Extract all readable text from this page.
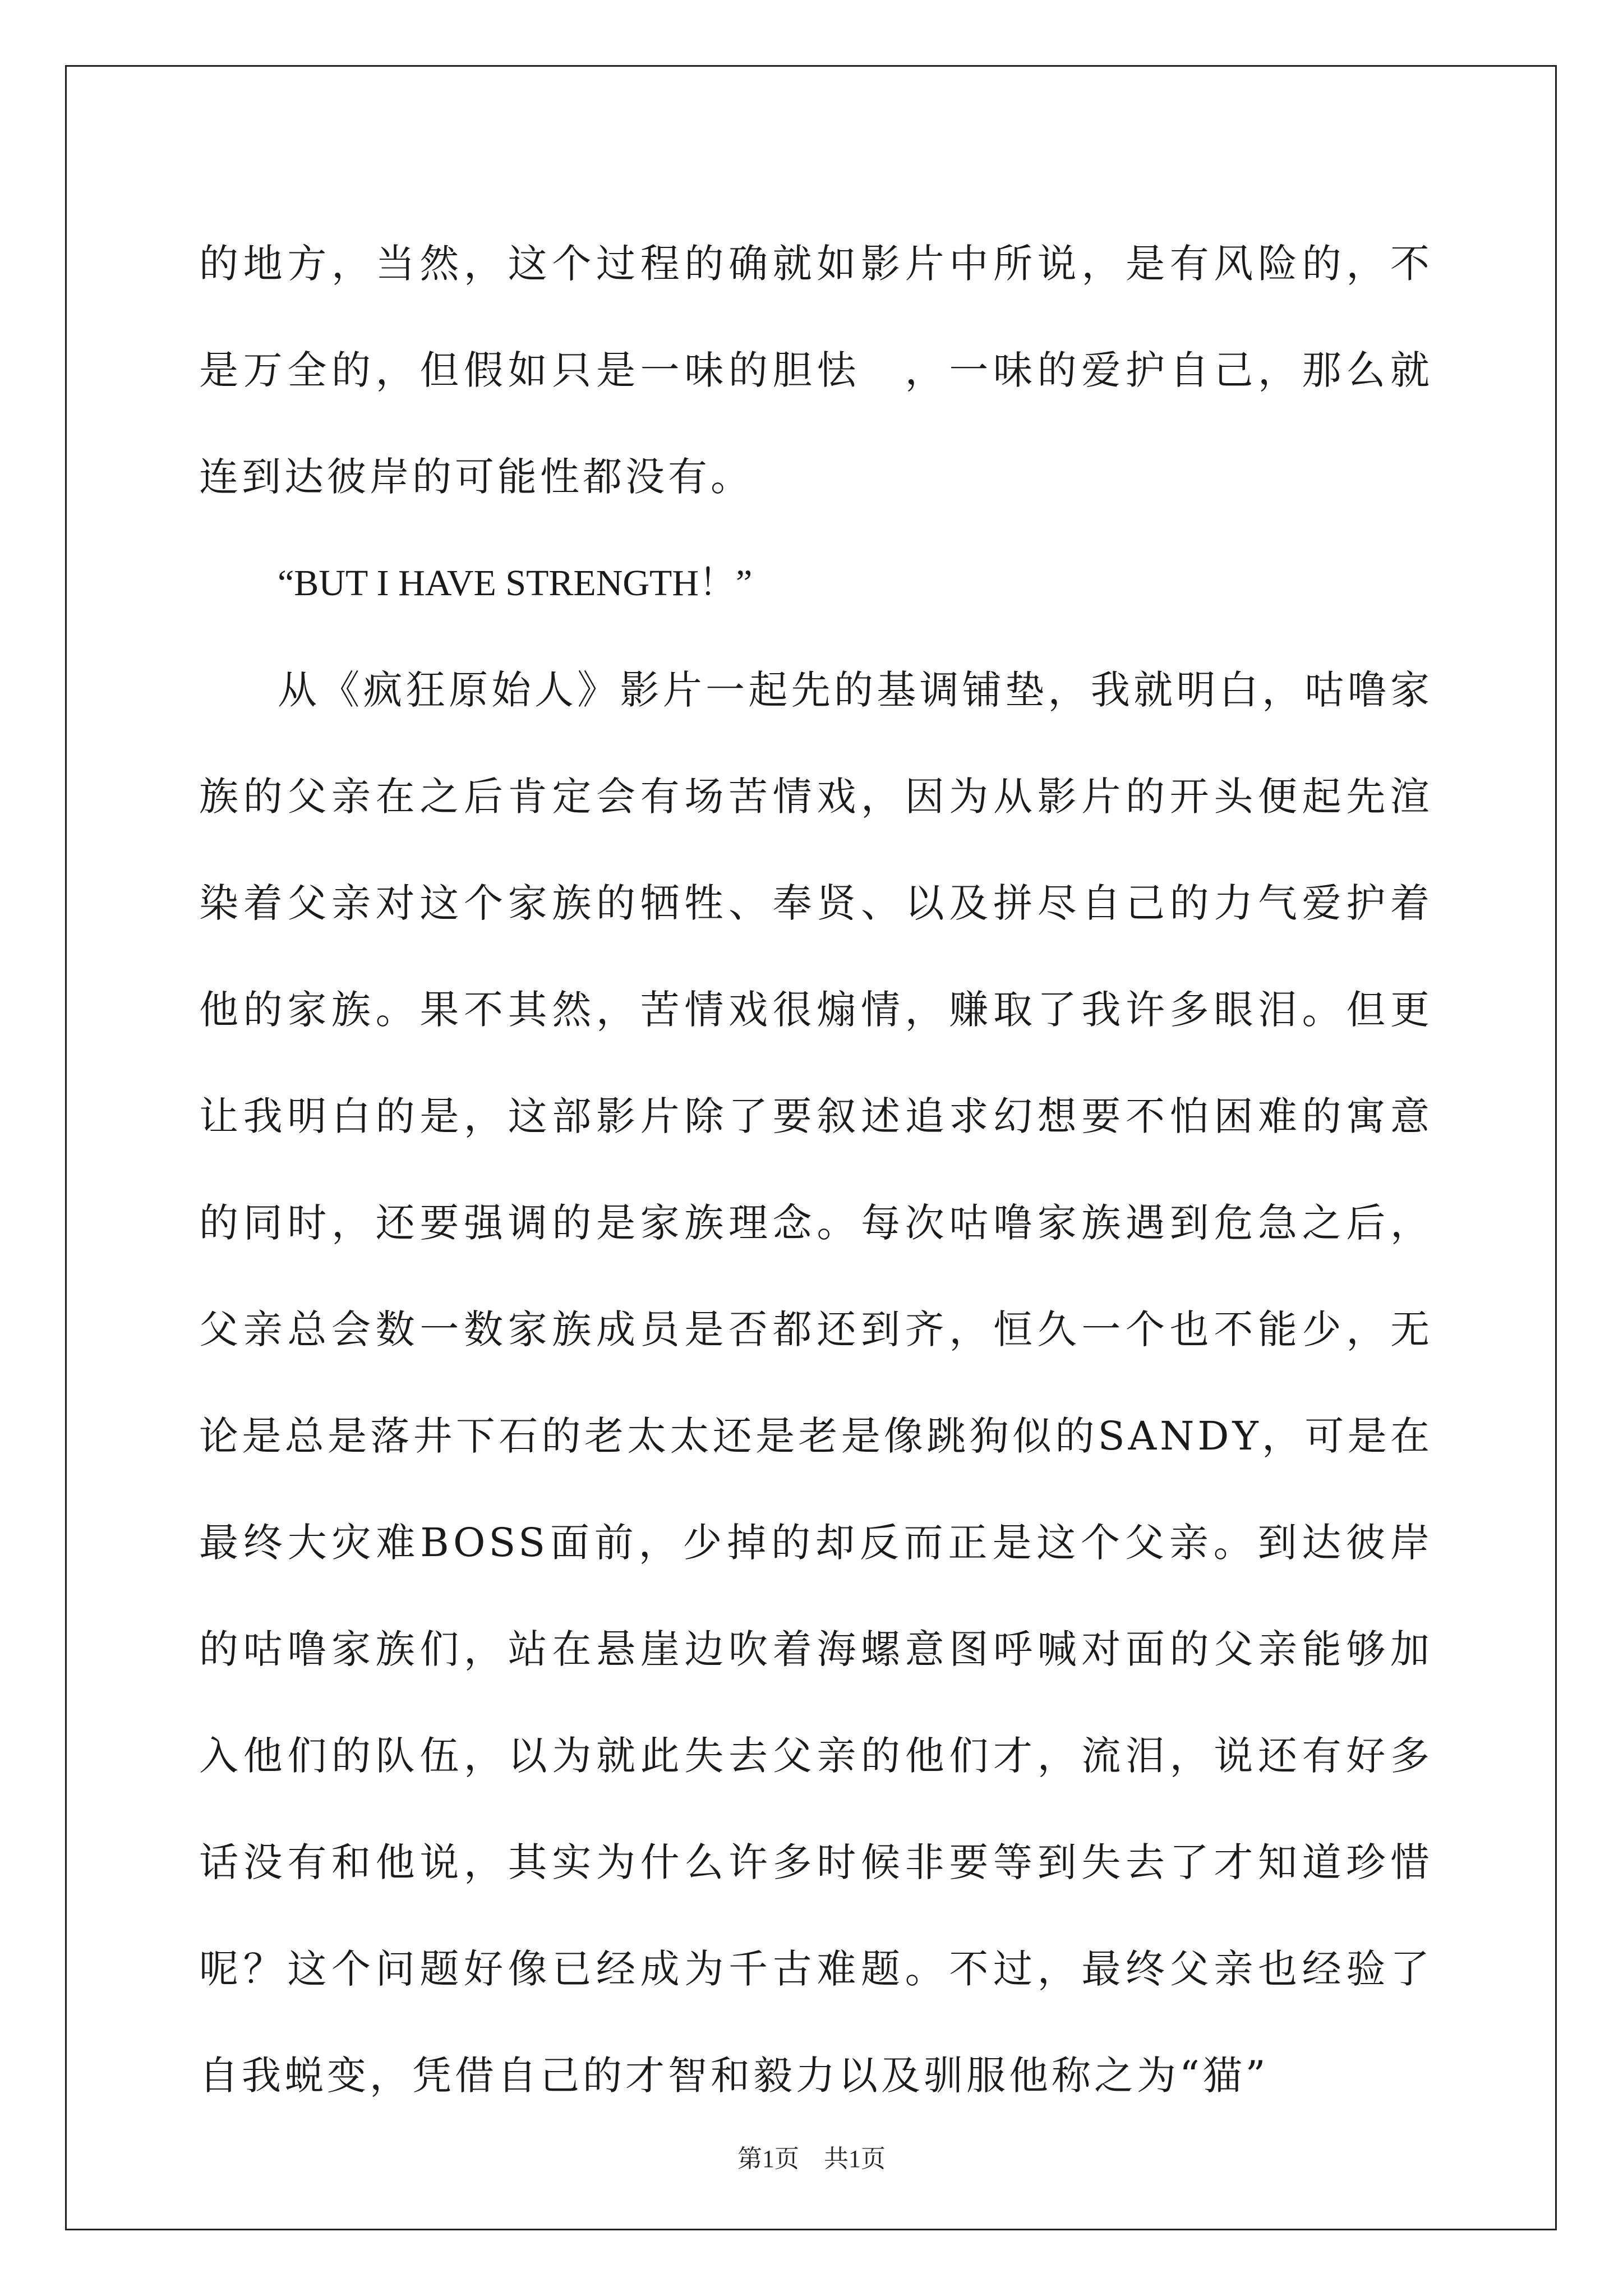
的地方，当然，这个过程的确就如影片中所说，是有风险的，不是万全的，但假如只是一味的胆怯　，一味的爱护自己，那么就连到达彼岸的可能性都没有。

“BUT I HAVE STRENGTH！”

从《疯狂原始人》影片一起先的基调铺垫，我就明白，咕噜家族的父亲在之后肯定会有场苦情戏，因为从影片的开头便起先渲染着父亲对这个家族的牺牲、奉贤、以及拼尽自己的力气爱护着他的家族。果不其然，苦情戏很煽情，赚取了我许多眼泪。但更让我明白的是，这部影片除了要叙述追求幻想要不怕困难的寓意的同时，还要强调的是家族理念。每次咕噜家族遇到危急之后，父亲总会数一数家族成员是否都还到齐，恒久一个也不能少，无论是总是落井下石的老太太还是老是像跳狗似的SANDY，可是在最终大灾难BOSS面前，少掉的却反而正是这个父亲。到达彼岸的咕噜家族们，站在悬崖边吹着海螺意图呼喊对面的父亲能够加入他们的队伍，以为就此失去父亲的他们才，流泪，说还有好多话没有和他说，其实为什么许多时候非要等到失去了才知道珍惜呢？这个问题好像已经成为千古难题。不过，最终父亲也经验了自我蜕变，凭借自己的才智和毅力以及驯服他称之为“猫”

第1页　共1页
